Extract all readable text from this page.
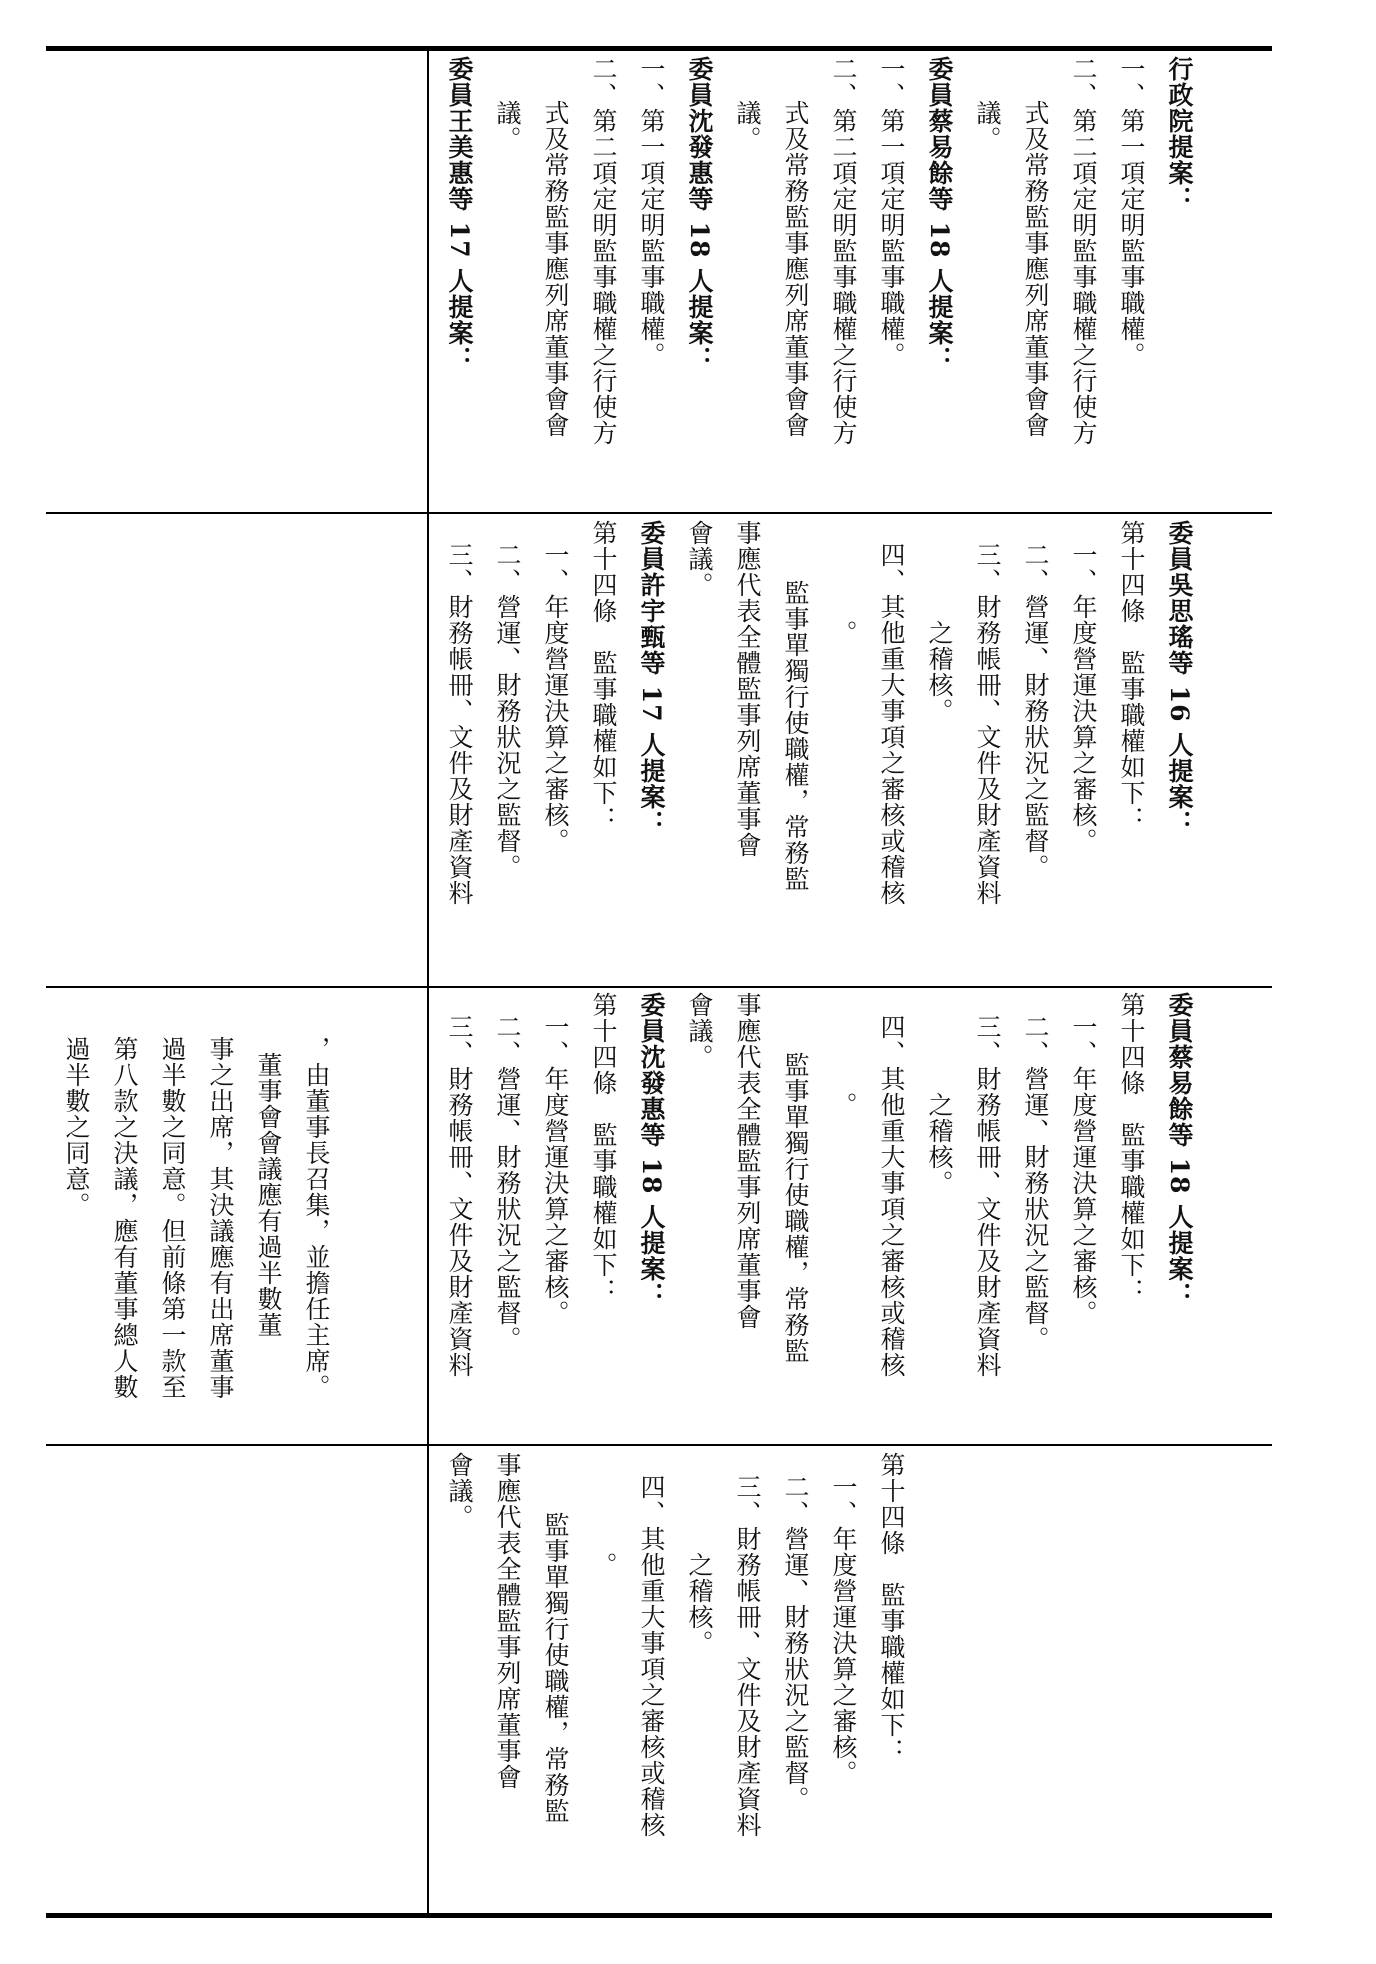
行政院提案：
一、第一項定明監事職權。
二、第二項定明監事職權之行使方
式及常務監事應列席董事會會
議。
委員蔡易餘等 18 人提案：
一、第一項定明監事職權。
二、第二項定明監事職權之行使方
式及常務監事應列席董事會會
議。
委員沈發惠等 18 人提案：
一、第一項定明監事職權。
二、第二項定明監事職權之行使方
式及常務監事應列席董事會會
議。
委員王美惠等 17 人提案：
委員吳思瑤等 16 人提案：
第十四條　監事職權如下：
一、年度營運決算之審核。
二、營運、財務狀況之監督。
三、財務帳冊、文件及財產資料
之稽核。
四、其他重大事項之審核或稽核
。
監事單獨行使職權，常務監
事應代表全體監事列席董事會
會議。
委員許宇甄等 17 人提案：
第十四條　監事職權如下：
一、年度營運決算之審核。
二、營運、財務狀況之監督。
三、財務帳冊、文件及財產資料
，由董事長召集，並擔任主席。
董事會會議應有過半數董
事之出席，其決議應有出席董事
過半數之同意。但前條第一款至
第八款之決議，應有董事總人數
過半數之同意。	委員蔡易餘等 18 人提案：
第十四條　監事職權如下：
一、年度營運決算之審核。
二、營運、財務狀況之監督。
三、財務帳冊、文件及財產資料
之稽核。
四、其他重大事項之審核或稽核
。
監事單獨行使職權，常務監
事應代表全體監事列席董事會
會議。
委員沈發惠等 18 人提案：
第十四條　監事職權如下：
一、年度營運決算之審核。
二、營運、財務狀況之監督。
三、財務帳冊、文件及財產資料
第十四條　監事職權如下：
一、年度營運決算之審核。
二、營運、財務狀況之監督。
三、財務帳冊、文件及財產資料
之稽核。
四、其他重大事項之審核或稽核
。
監事單獨行使職權，常務監
事應代表全體監事列席董事會
會議。
